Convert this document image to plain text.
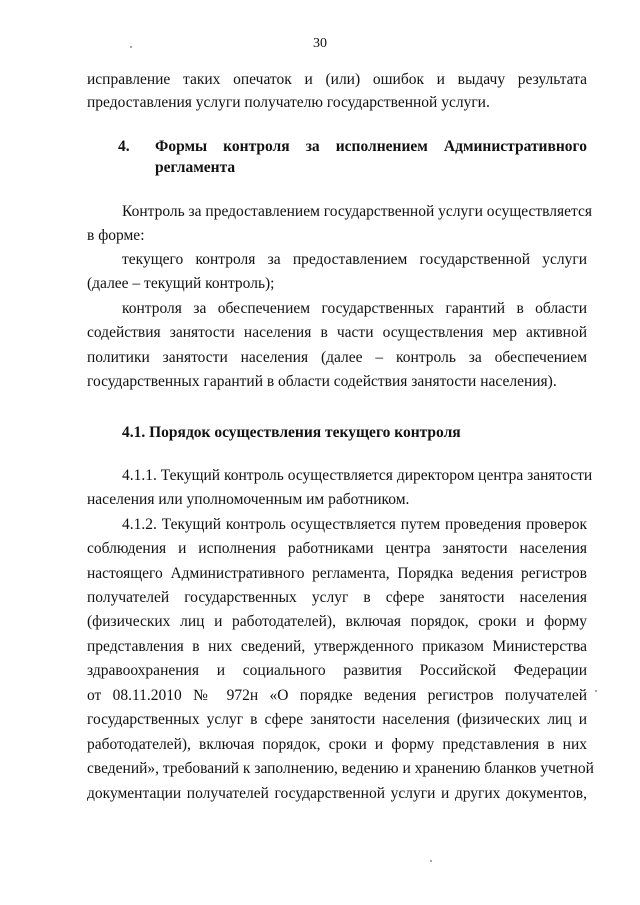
30
исправление таких опечаток и (или) ошибок и выдачу результата
предоставления услуги получателю государственной услуги.
4. Формы контроля за исполнением Административного
регламента
Контроль за предоставлением государственной услуги осуществляется
в форме:
текущего контроля за предоставлением государственной услуги
(далее – текущий контроль);
контроля за обеспечением государственных гарантий в области
содействия занятости населения в части осуществления мер активной
политики занятости населения (далее – контроль за обеспечением
государственных гарантий в области содействия занятости населения).
4.1. Порядок осуществления текущего контроля
4.1.1. Текущий контроль осуществляется директором центра занятости
населения или уполномоченным им работником.
4.1.2. Текущий контроль осуществляется путем проведения проверок
соблюдения и исполнения работниками центра занятости населения
настоящего Административного регламента, Порядка ведения регистров
получателей государственных услуг в сфере занятости населения
(физических лиц и работодателей), включая порядок, сроки и форму
представления в них сведений, утвержденного приказом Министерства
здравоохранения и социального развития Российской Федерации
от 08.11.2010 № 972н «О порядке ведения регистров получателей
государственных услуг в сфере занятости населения (физических лиц и
работодателей), включая порядок, сроки и форму представления в них
сведений», требований к заполнению, ведению и хранению бланков учетной
документации получателей государственной услуги и других документов,
